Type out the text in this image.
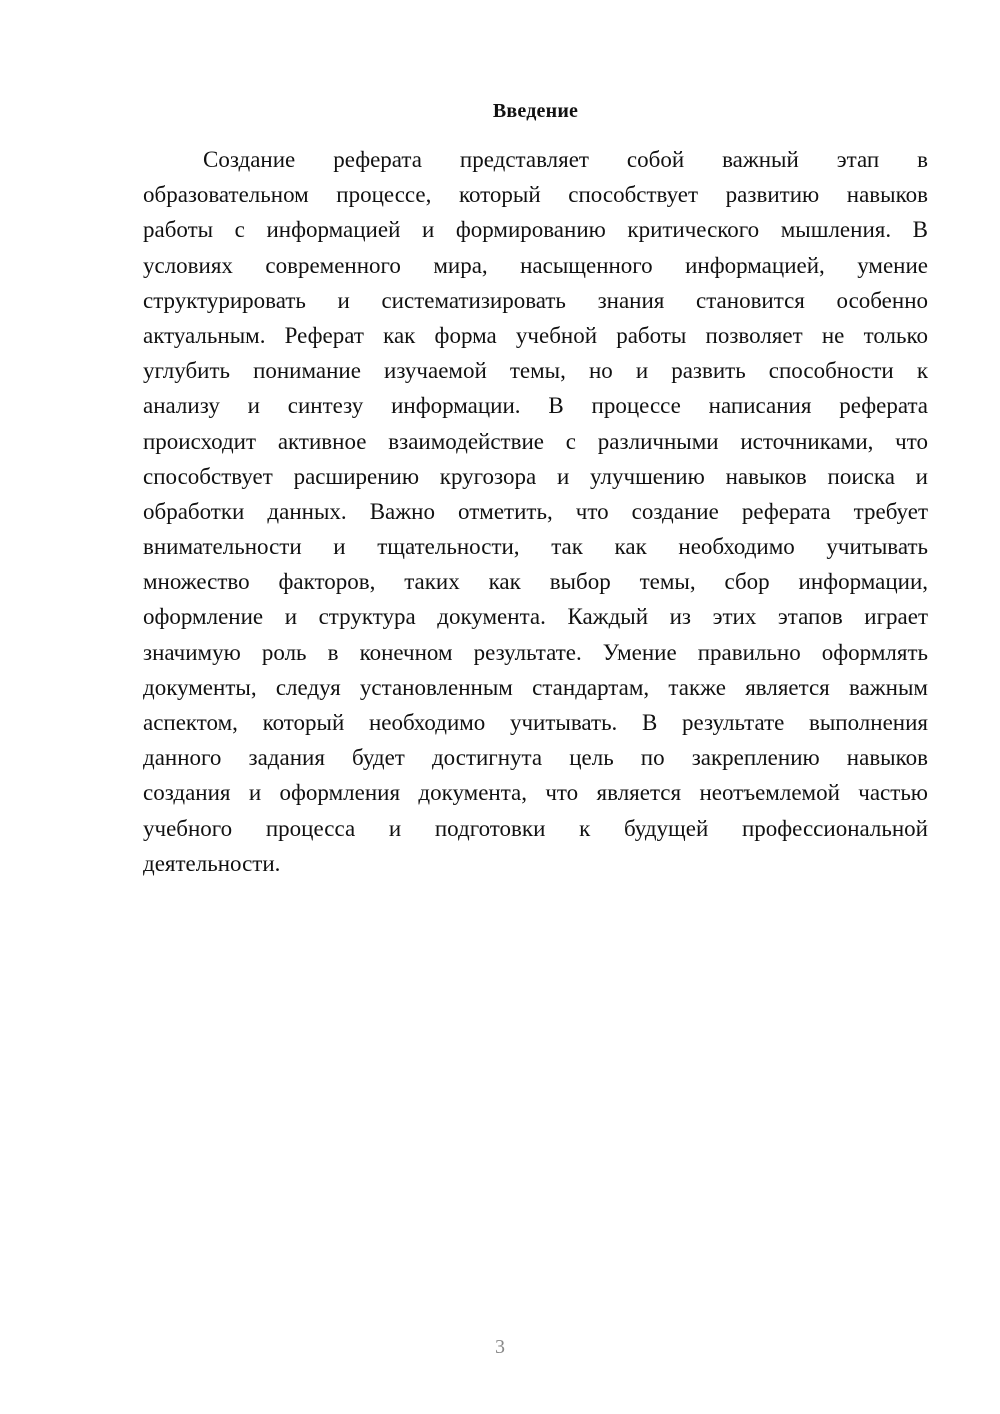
Введение
Создание реферата представляет собой важный этап в
образовательном процессе, который способствует развитию навыков
работы с информацией и формированию критического мышления. В
условиях современного мира, насыщенного информацией, умение
структурировать и систематизировать знания становится особенно
актуальным. Реферат как форма учебной работы позволяет не только
углубить понимание изучаемой темы, но и развить способности к
анализу и синтезу информации. В процессе написания реферата
происходит активное взаимодействие с различными источниками, что
способствует расширению кругозора и улучшению навыков поиска и
обработки данных. Важно отметить, что создание реферата требует
внимательности и тщательности, так как необходимо учитывать
множество факторов, таких как выбор темы, сбор информации,
оформление и структура документа. Каждый из этих этапов играет
значимую роль в конечном результате. Умение правильно оформлять
документы, следуя установленным стандартам, также является важным
аспектом, который необходимо учитывать. В результате выполнения
данного задания будет достигнута цель по закреплению навыков
создания и оформления документа, что является неотъемлемой частью
учебного процесса и подготовки к будущей профессиональной
деятельности.
3
